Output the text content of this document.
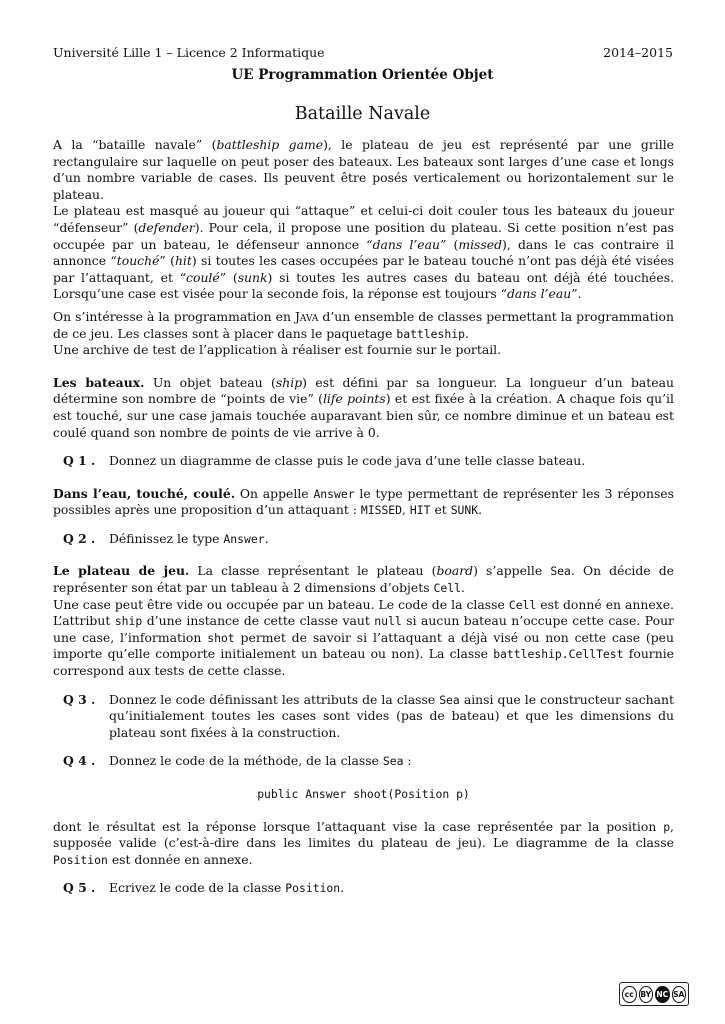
Université Lille 1 – Licence 2 Informatique	2014–2015
UE Programmation Orientée Objet
Bataille Navale

A la “bataille navale” (battleship game), le plateau de jeu est représenté par une grille rectangulaire sur laquelle on peut poser des bateaux. Les bateaux sont larges d’une case et longs d’un nombre variable de cases. Ils peuvent être posés verticalement ou horizontalement sur le plateau.

Le plateau est masqué au joueur qui “attaque” et celui-ci doit couler tous les bateaux du joueur “défenseur” (defender). Pour cela, il propose une position du plateau. Si cette position n’est pas occupée par un bateau, le défenseur annonce “dans l’eau” (missed), dans le cas contraire il annonce “touché” (hit) si toutes les cases occupées par le bateau touché n’ont pas déjà été visées par l’attaquant, et “coulé” (sunk) si toutes les autres cases du bateau ont déjà été touchées. Lorsqu’une case est visée pour la seconde fois, la réponse est toujours “dans l’eau”.

On s’intéresse à la programmation en Java d’un ensemble de classes permettant la programmation de ce jeu. Les classes sont à placer dans le paquetage battleship.

Une archive de test de l’application à réaliser est fournie sur le portail.

Les bateaux. Un objet bateau (ship) est défini par sa longueur. La longueur d’un bateau détermine son nombre de “points de vie” (life points) et est fixée à la création. A chaque fois qu’il est touché, sur une case jamais touchée auparavant bien sûr, ce nombre diminue et un bateau est coulé quand son nombre de points de vie arrive à 0.

Q 1 .	Donnez un diagramme de classe puis le code java d’une telle classe bateau.

Dans l’eau, touché, coulé. On appelle Answer le type permettant de représenter les 3 réponses possibles après une proposition d’un attaquant : MISSED, HIT et SUNK.

Q 2 .	Définissez le type Answer.

Le plateau de jeu. La classe représentant le plateau (board) s’appelle Sea. On décide de représenter son état par un tableau à 2 dimensions d’objets Cell.

Une case peut être vide ou occupée par un bateau. Le code de la classe Cell est donné en annexe. L’attribut ship d’une instance de cette classe vaut null si aucun bateau n’occupe cette case. Pour une case, l’information shot permet de savoir si l’attaquant a déjà visé ou non cette case (peu importe qu’elle comporte initialement un bateau ou non). La classe battleship.CellTest fournie correspond aux tests de cette classe.

Q 3 .	Donnez le code définissant les attributs de la classe Sea ainsi que le constructeur sachant qu’initialement toutes les cases sont vides (pas de bateau) et que les dimensions du plateau sont fixées à la construction.
Q 4 .	Donnez le code de la méthode, de la classe Sea :

public Answer shoot(Position p)

dont le résultat est la réponse lorsque l’attaquant vise la case représentée par la position p, supposée valide (c’est-à-dire dans les limites du plateau de jeu). Le diagramme de la classe Position est donnée en annexe.

Q 5 .	Ecrivez le code de la classe Position.
cc BY NC SA
